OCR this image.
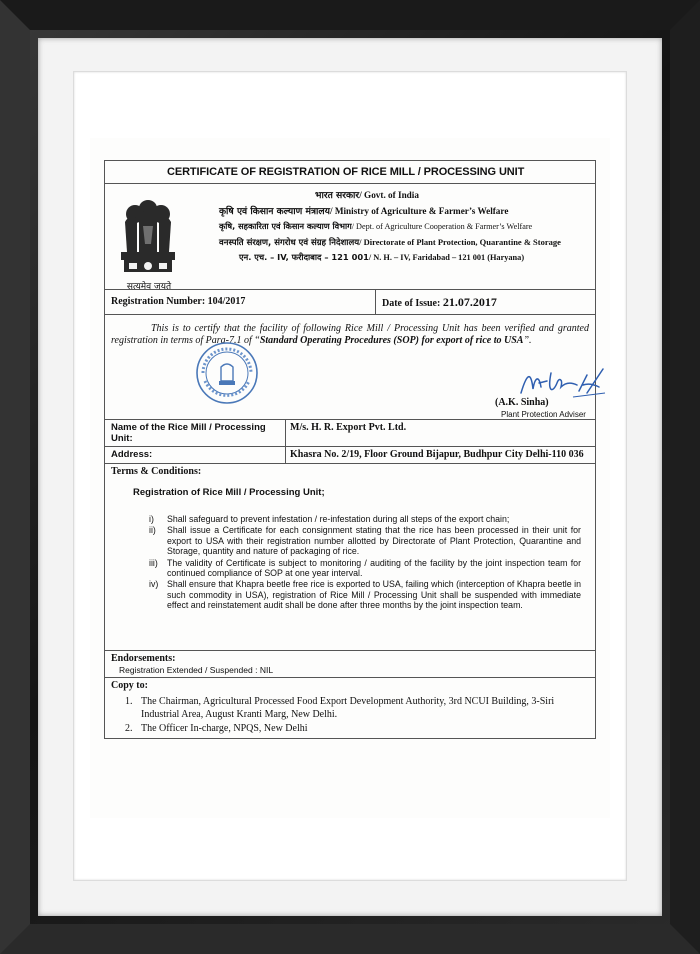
CERTIFICATE OF REGISTRATION OF RICE MILL / PROCESSING UNIT
सत्यमेव जयते
भारत सरकार/ Govt. of India
कृषि एवं किसान कल्याण मंत्रालय/ Ministry of Agriculture & Farmer’s Welfare
कृषि, सहकारिता एवं किसान कल्याण विभाग/ Dept. of Agriculture Cooperation & Farmer’s Welfare
वनस्पति संरक्षण, संगरोध एवं संग्रह निदेशालय/ Directorate of Plant Protection, Quarantine & Storage
एन. एच. – IV, फरीदाबाद – 121 001/ N. H. – IV, Faridabad – 121 001 (Haryana)
Registration Number: 104/2017	Date of Issue: 21.07.2017
This is to certify that the facility of following Rice Mill / Processing Unit has been verified and granted registration in terms of Para-7.1 of “Standard Operating Procedures (SOP) for export of rice to USA”.
(A.K. Sinha)
Plant Protection Adviser
Name of the Rice Mill / Processing Unit:
M/s. H. R. Export Pvt. Ltd.
Address:	Khasra No. 2/19, Floor Ground Bijapur, Budhpur City Delhi-110 036
Terms & Conditions:
Registration of Rice Mill / Processing Unit;
i)	Shall safeguard to prevent infestation / re-infestation during all steps of the export chain;
ii)	Shall issue a Certificate for each consignment stating that the rice has been processed in their unit for export to USA with their registration number allotted by Directorate of Plant Protection, Quarantine and Storage, quantity and nature of packaging of rice.
iii)	The validity of Certificate is subject to monitoring / auditing of the facility by the joint inspection team for continued compliance of SOP at one year interval.
iv) Shall ensure that Khapra beetle free rice is exported to USA, failing which (interception of Khapra beetle in such commodity in USA), registration of Rice Mill / Processing Unit shall be suspended with immediate effect and reinstatement audit shall be done after three months by the joint inspection team.
Endorsements:
Registration Extended / Suspended : NIL
Copy to:
1. The Chairman, Agricultural Processed Food Export Development Authority, 3rd NCUI Building, 3-Siri Industrial Area, August Kranti Marg, New Delhi.
2. The Officer In-charge, NPQS, New Delhi
